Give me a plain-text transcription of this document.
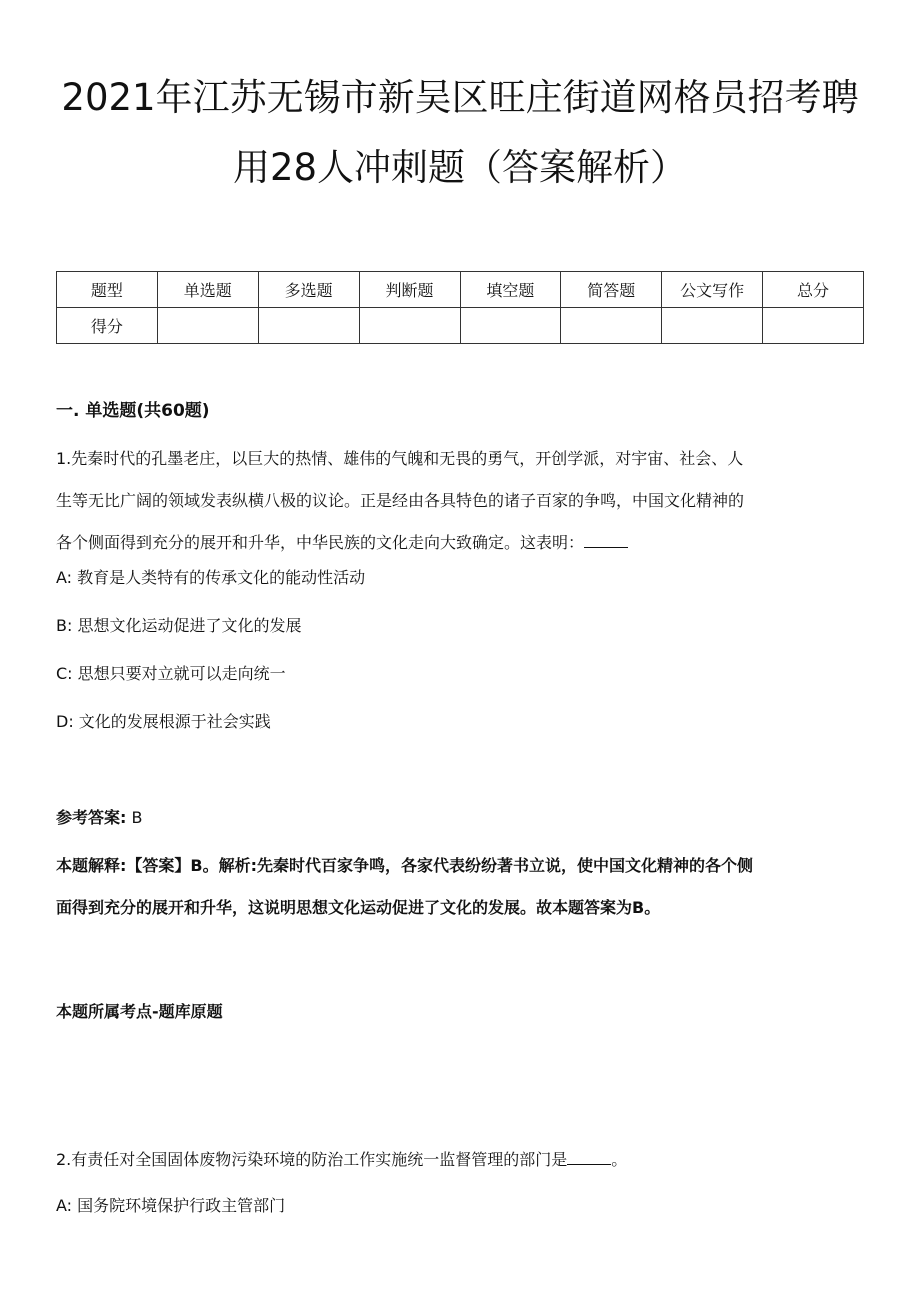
2021年江苏无锡市新吴区旺庄街道网格员招考聘
用28人冲刺题（答案解析）
题型	单选题	多选题	判断题	填空题	简答题	公文写作	总分
得分							
一. 单选题(共60题)
1.先秦时代的孔墨老庄，以巨大的热情、雄伟的气魄和无畏的勇气，开创学派，对宇宙、社会、人
生等无比广阔的领域发表纵横八极的议论。正是经由各具特色的诸子百家的争鸣，中国文化精神的
各个侧面得到充分的展开和升华，中华民族的文化走向大致确定。这表明：
A: 教育是人类特有的传承文化的能动性活动
B: 思想文化运动促进了文化的发展
C: 思想只要对立就可以走向统一
D: 文化的发展根源于社会实践
参考答案: B
本题解释:【答案】B。解析:先秦时代百家争鸣，各家代表纷纷著书立说，使中国文化精神的各个侧
面得到充分的展开和升华，这说明思想文化运动促进了文化的发展。故本题答案为B。
本题所属考点-题库原题
2.有责任对全国固体废物污染环境的防治工作实施统一监督管理的部门是	。
A: 国务院环境保护行政主管部门
